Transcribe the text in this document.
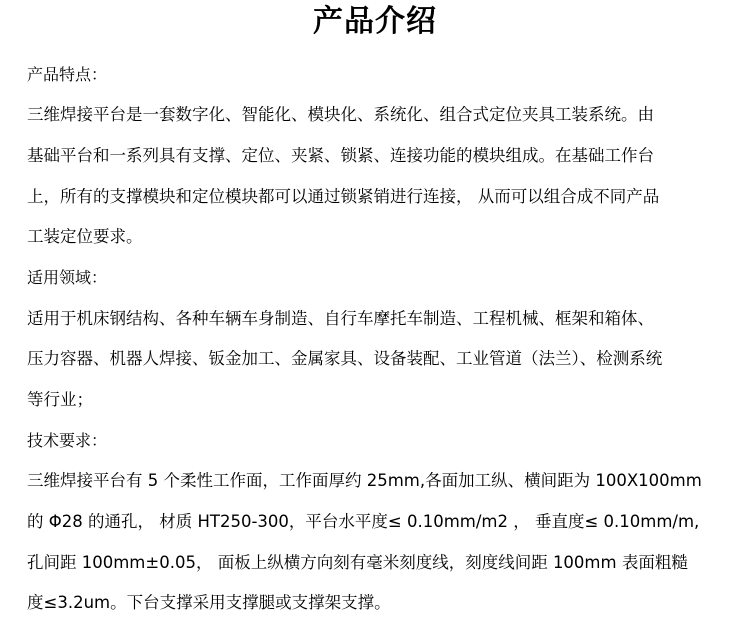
产品介绍
产品特点：
三维焊接平台是一套数字化、智能化、模块化、系统化、组合式定位夹具工装系统。由
基础平台和一系列具有支撑、定位、夹紧、锁紧、连接功能的模块组成。在基础工作台
上，所有的支撑模块和定位模块都可以通过锁紧销进行连接， 从而可以组合成不同产品
工装定位要求。
适用领域：
适用于机床钢结构、各种车辆车身制造、自行车摩托车制造、工程机械、框架和箱体、
压力容器、机器人焊接、钣金加工、金属家具、设备装配、工业管道（法兰）、检测系统
等行业；
技术要求：
三维焊接平台有 5 个柔性工作面，工作面厚约 25mm,各面加工纵、横间距为 100X100mm
的 Φ28 的通孔， 材质 HT250-300，平台水平度≤ 0.10mm/m2 ， 垂直度≤ 0.10mm/m,
孔间距 100mm±0.05， 面板上纵横方向刻有毫米刻度线，刻度线间距 100mm 表面粗糙
度≤3.2um。下台支撑采用支撑腿或支撑架支撑。
